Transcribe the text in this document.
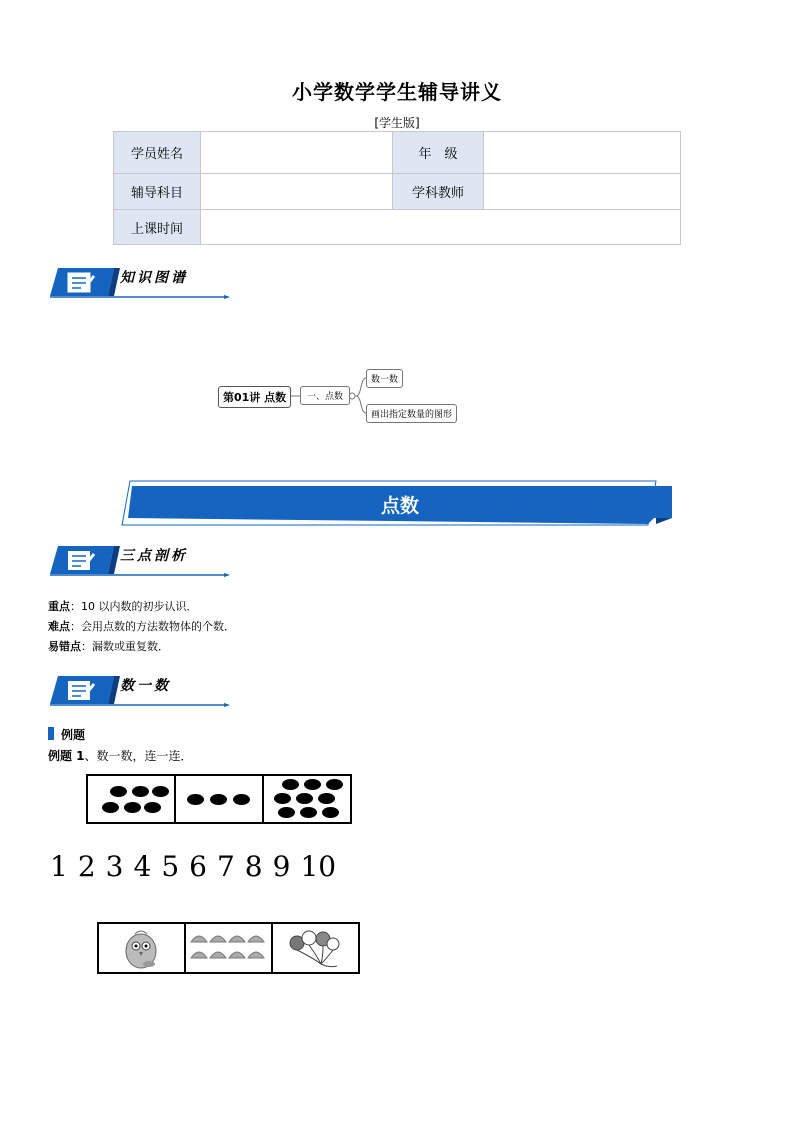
小学数学学生辅导讲义
[学生版]
学员姓名		年　级	
辅导科目		学科教师	
上课时间			
知识图谱
第01讲 点数	一、点数
数一数
画出指定数量的图形
点数
三点剖析
重点：10 以内数的初步认识．
难点：会用点数的方法数物体的个数．
易错点：漏数或重复数．
数一数
例题
例题 1、数一数，连一连．
1 2 3 4 5 6 7 8 9 10
